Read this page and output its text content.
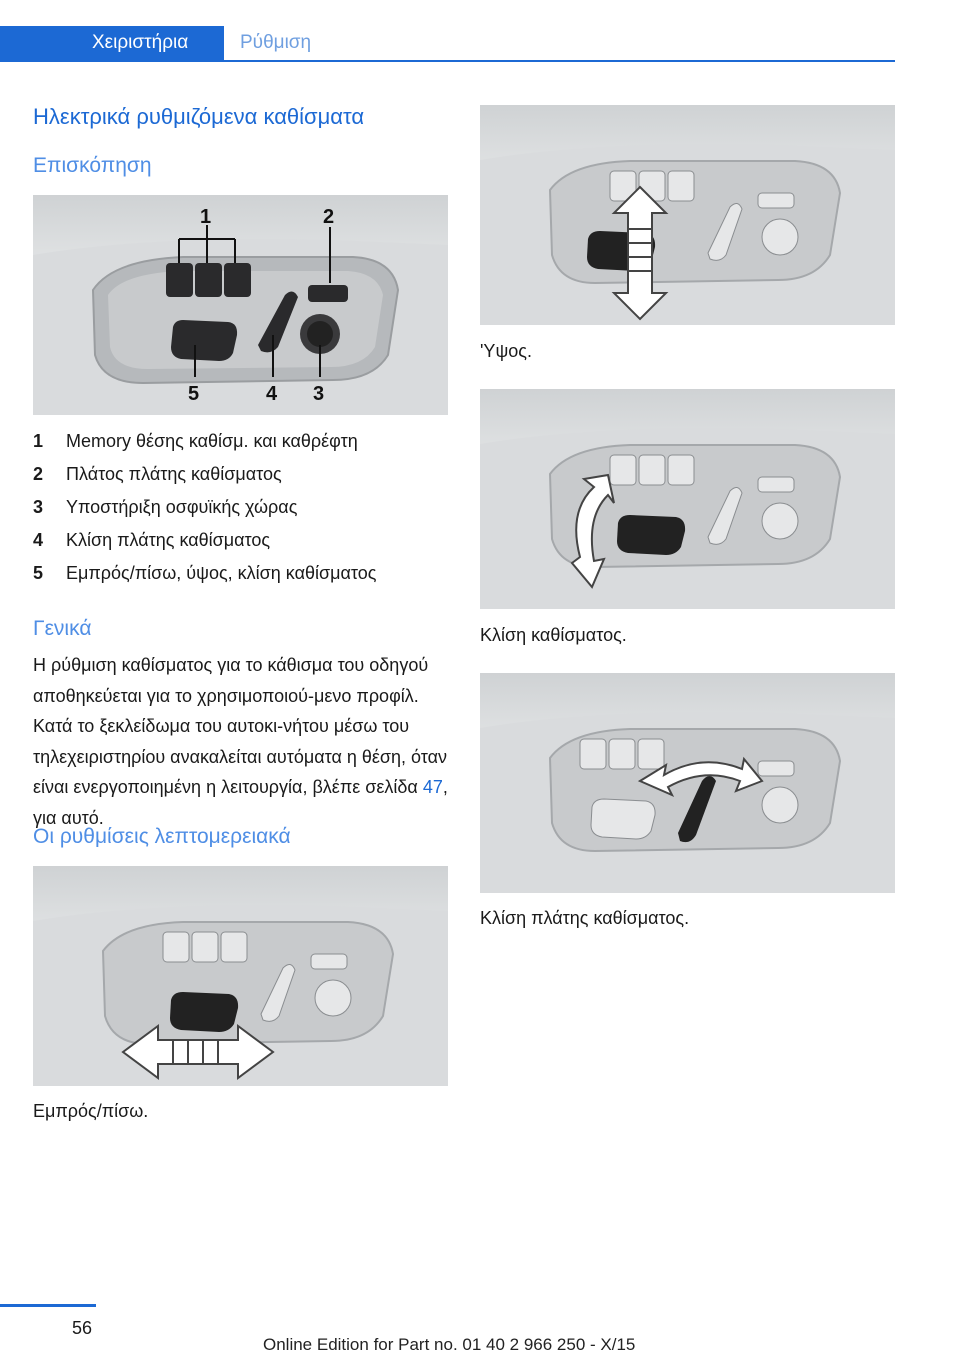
Χειριστήρια	Ρύθμιση
Ηλεκτρικά ρυθμιζόμενα καθίσματα
Επισκόπηση
1	2
5	4 3
1	Memory θέσης καθίσμ. και καθρέφτη
2	Πλάτος πλάτης καθίσματος
3	Υποστήριξη οσφυϊκής χώρας
4	Κλίση πλάτης καθίσματος
5	Εμπρός/πίσω, ύψος, κλίση καθίσματος
Γενικά
Η ρύθμιση καθίσματος για το κάθισμα του οδηγού αποθηκεύεται για το χρησιμοποιού-μενο προφίλ. Κατά το ξεκλείδωμα του αυτοκι-νήτου μέσω του τηλεχειριστηρίου ανακαλείται αυτόματα η θέση, όταν είναι ενεργοποιημένη η λειτουργία, βλέπε σελίδα 47, για αυτό.
Οι ρυθμίσεις λεπτομερειακά
Εμπρός/πίσω.
'Υψος.
Κλίση καθίσματος.
Κλίση πλάτης καθίσματος.
56
Online Edition for Part no. 01 40 2 966 250 - X/15
